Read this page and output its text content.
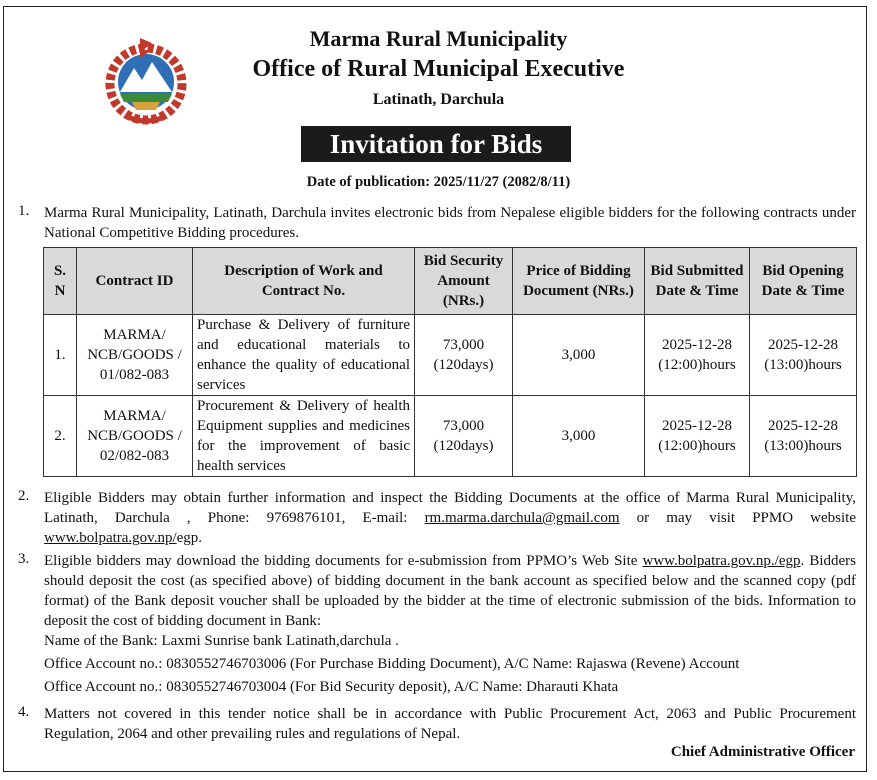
Marma Rural Municipality
Office of Rural Municipal Executive
Latinath, Darchula
Invitation for Bids
Date of publication: 2025/11/27 (2082/8/11)
1. Marma Rural Municipality, Latinath, Darchula invites electronic bids from Nepalese eligible bidders for the following contracts under National Competitive Bidding procedures.
S. N	Contract ID	Description of Work and Contract No.	Bid Security Amount (NRs.)	Price of Bidding Document (NRs.)	Bid Submitted Date & Time	Bid Opening Date & Time
1.	MARMA/ NCB/GOODS / 01/082-083	Purchase & Delivery of furniture and educational materials to enhance the quality of educational services	73,000 (120days)	3,000	2025-12-28 (12:00)hours	2025-12-28 (13:00)hours
2.	MARMA/ NCB/GOODS / 02/082-083	Procurement & Delivery of health Equipment supplies and medicines for the improvement of basic health services	73,000 (120days)	3,000	2025-12-28 (12:00)hours	2025-12-28 (13:00)hours
2. Eligible Bidders may obtain further information and inspect the Bidding Documents at the office of Marma Rural Municipality, Latinath, Darchula , Phone: 9769876101, E-mail: rm.marma.darchula@gmail.com or may visit PPMO website www.bolpatra.gov.np/egp.
3. Eligible bidders may download the bidding documents for e-submission from PPMO’s Web Site www.bolpatra.gov.np./egp. Bidders should deposit the cost (as specified above) of bidding document in the bank account as specified below and the scanned copy (pdf format) of the Bank deposit voucher shall be uploaded by the bidder at the time of electronic submission of the bids. Information to deposit the cost of bidding document in Bank:
Name of the Bank: Laxmi Sunrise bank Latinath,darchula .
Office Account no.: 0830552746703006 (For Purchase Bidding Document), A/C Name: Rajaswa (Revene) Account
Office Account no.: 0830552746703004 (For Bid Security deposit), A/C Name: Dharauti Khata
4. Matters not covered in this tender notice shall be in accordance with Public Procurement Act, 2063 and Public Procurement Regulation, 2064 and other prevailing rules and regulations of Nepal.
Chief Administrative Officer
